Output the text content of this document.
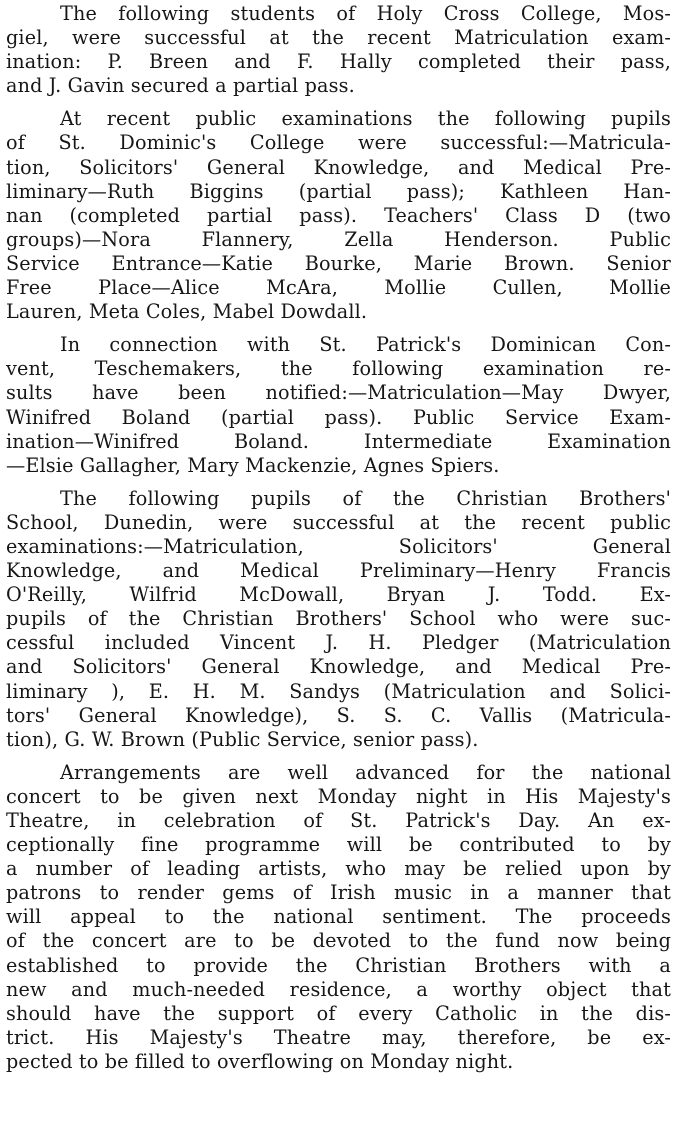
The following students of Holy Cross College, Mos-
giel, were successful at the recent Matriculation exam-
ination: P. Breen and F. Hally completed their pass,
and J. Gavin secured a partial pass.
At recent public examinations the following pupils
of St. Dominic's College were successful:—Matricula-
tion, Solicitors' General Knowledge, and Medical Pre-
liminary—Ruth Biggins (partial pass); Kathleen Han-
nan (completed partial pass). Teachers' Class D (two
groups)—Nora Flannery, Zella Henderson. Public
Service Entrance—Katie Bourke, Marie Brown. Senior
Free Place—Alice McAra, Mollie Cullen, Mollie
Lauren, Meta Coles, Mabel Dowdall.
In connection with St. Patrick's Dominican Con-
vent, Teschemakers, the following examination re-
sults have been notified:—Matriculation—May Dwyer,
Winifred Boland (partial pass). Public Service Exam-
ination—Winifred Boland. Intermediate Examination
—Elsie Gallagher, Mary Mackenzie, Agnes Spiers.
The following pupils of the Christian Brothers'
School, Dunedin, were successful at the recent public
examinations:—Matriculation, Solicitors' General
Knowledge, and Medical Preliminary—Henry Francis
O'Reilly, Wilfrid McDowall, Bryan J. Todd. Ex-
pupils of the Christian Brothers' School who were suc-
cessful included Vincent J. H. Pledger (Matriculation
and Solicitors' General Knowledge, and Medical Pre-
liminary ), E. H. M. Sandys (Matriculation and Solici-
tors' General Knowledge), S. S. C. Vallis (Matricula-
tion), G. W. Brown (Public Service, senior pass).
Arrangements are well advanced for the national
concert to be given next Monday night in His Majesty's
Theatre, in celebration of St. Patrick's Day. An ex-
ceptionally fine programme will be contributed to by
a number of leading artists, who may be relied upon by
patrons to render gems of Irish music in a manner that
will appeal to the national sentiment. The proceeds
of the concert are to be devoted to the fund now being
established to provide the Christian Brothers with a
new and much-needed residence, a worthy object that
should have the support of every Catholic in the dis-
trict. His Majesty's Theatre may, therefore, be ex-
pected to be filled to overflowing on Monday night.
